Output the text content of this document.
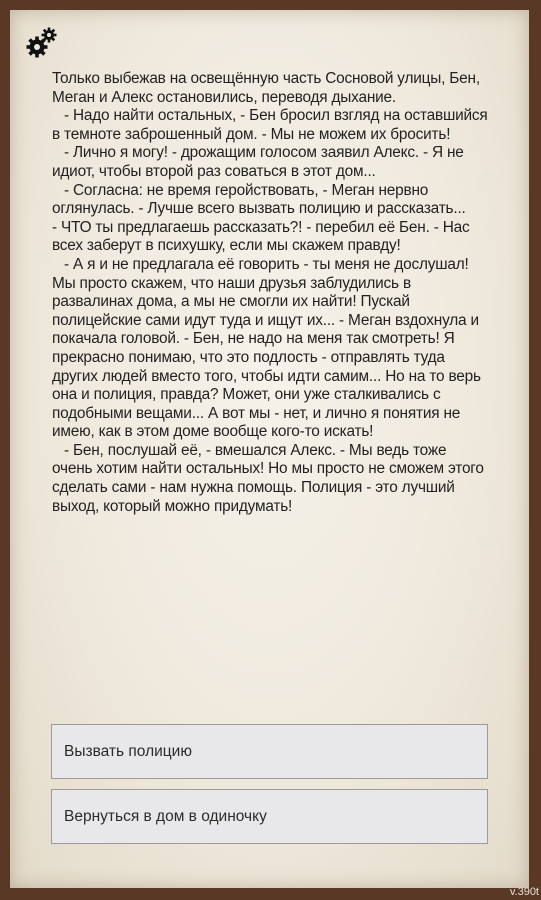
Только выбежав на освещённую часть Сосновой улицы, Бен, Меган и Алекс остановились, переводя дыхание.

- Надо найти остальных, - Бен бросил взгляд на оставшийся в темноте заброшенный дом. - Мы не можем их бросить!

- Лично я могу! - дрожащим голосом заявил Алекс. - Я не идиот, чтобы второй раз соваться в этот дом...

- Согласна: не время геройствовать, - Меган нервно оглянулась. - Лучше всего вызвать полицию и рассказать...

- ЧТО ты предлагаешь рассказать?! - перебил её Бен. - Нас всех заберут в психушку, если мы скажем правду!

- А я и не предлагала её говорить - ты меня не дослушал! Мы просто скажем, что наши друзья заблудились в развалинах дома, а мы не смогли их найти! Пускай полицейские сами идут туда и ищут их... - Меган вздохнула и покачала головой. - Бен, не надо на меня так смотреть! Я прекрасно понимаю, что это подлость - отправлять туда других людей вместо того, чтобы идти самим... Но на то верь она и полиция, правда? Может, они уже сталкивались с подобными вещами... А вот мы - нет, и лично я понятия не имею, как в этом доме вообще кого-то искать!

- Бен, послушай её, - вмешался Алекс. - Мы ведь тоже очень хотим найти остальных! Но мы просто не сможем этого сделать сами - нам нужна помощь. Полиция - это лучший выход, который можно придумать!

Вызвать полицию
Вернуться в дом в одиночку
v.390t
